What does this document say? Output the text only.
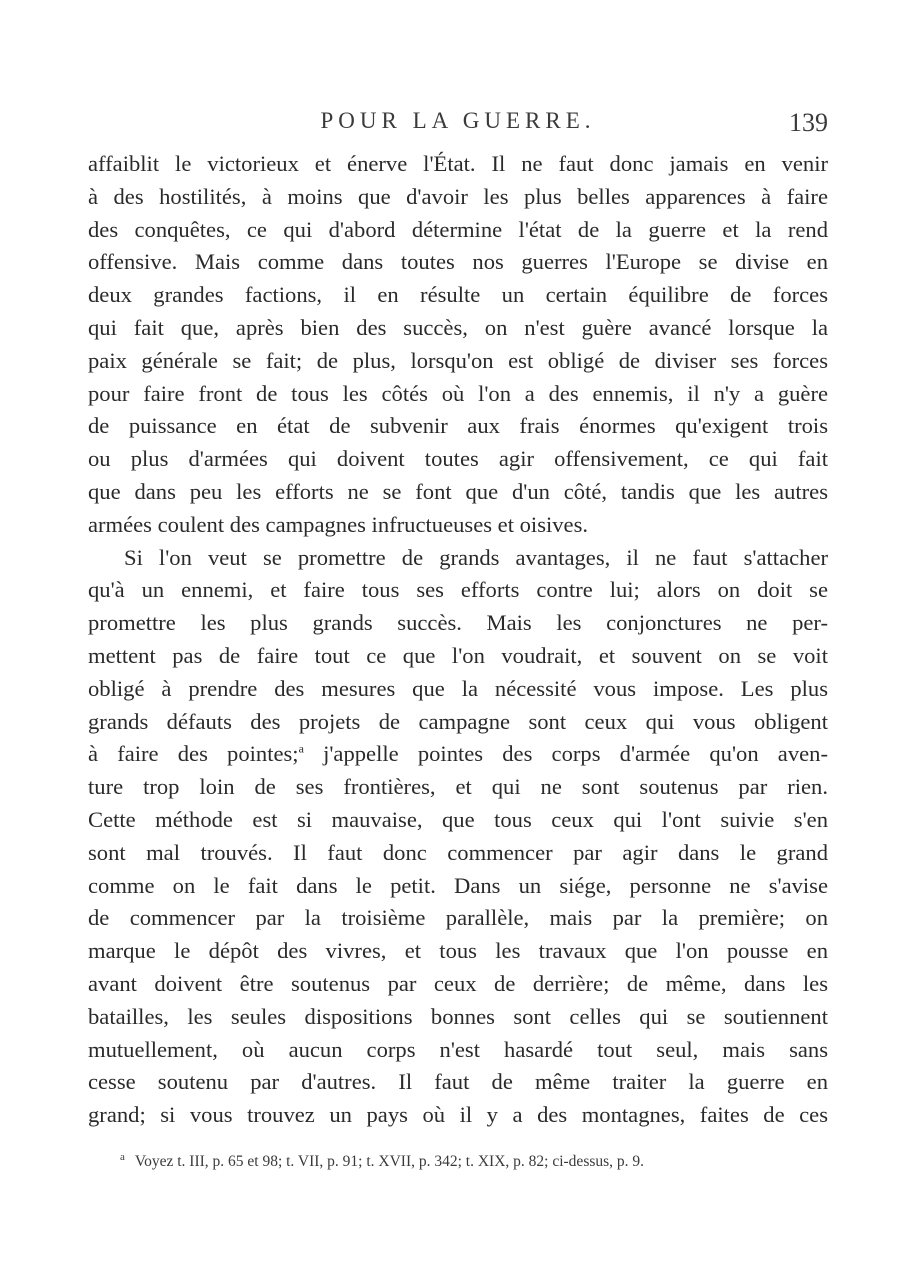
POUR LA GUERRE.	139
affaiblit le victorieux et énerve l'État. Il ne faut donc jamais en venir
à des hostilités, à moins que d'avoir les plus belles apparences à faire
des conquêtes, ce qui d'abord détermine l'état de la guerre et la rend
offensive. Mais comme dans toutes nos guerres l'Europe se divise en
deux grandes factions, il en résulte un certain équilibre de forces
qui fait que, après bien des succès, on n'est guère avancé lorsque la
paix générale se fait; de plus, lorsqu'on est obligé de diviser ses forces
pour faire front de tous les côtés où l'on a des ennemis, il n'y a guère
de puissance en état de subvenir aux frais énormes qu'exigent trois
ou plus d'armées qui doivent toutes agir offensivement, ce qui fait
que dans peu les efforts ne se font que d'un côté, tandis que les autres
armées coulent des campagnes infructueuses et oisives.
Si l'on veut se promettre de grands avantages, il ne faut s'attacher
qu'à un ennemi, et faire tous ses efforts contre lui; alors on doit se
promettre les plus grands succès. Mais les conjonctures ne per-
mettent pas de faire tout ce que l'on voudrait, et souvent on se voit
obligé à prendre des mesures que la nécessité vous impose. Les plus
grands défauts des projets de campagne sont ceux qui vous obligent
à faire des pointes;$^a$ j'appelle pointes des corps d'armée qu'on aven-
ture trop loin de ses frontières, et qui ne sont soutenus par rien.
Cette méthode est si mauvaise, que tous ceux qui l'ont suivie s'en
sont mal trouvés. Il faut donc commencer par agir dans le grand
comme on le fait dans le petit. Dans un siége, personne ne s'avise
de commencer par la troisième parallèle, mais par la première; on
marque le dépôt des vivres, et tous les travaux que l'on pousse en
avant doivent être soutenus par ceux de derrière; de même, dans les
batailles, les seules dispositions bonnes sont celles qui se soutiennent
mutuellement, où aucun corps n'est hasardé tout seul, mais sans
cesse soutenu par d'autres. Il faut de même traiter la guerre en
grand; si vous trouvez un pays où il y a des montagnes, faites de ces
$^a$ Voyez t. III, p. 65 et 98; t. VII, p. 91; t. XVII, p. 342; t. XIX, p. 82; ci-dessus, p. 9.
